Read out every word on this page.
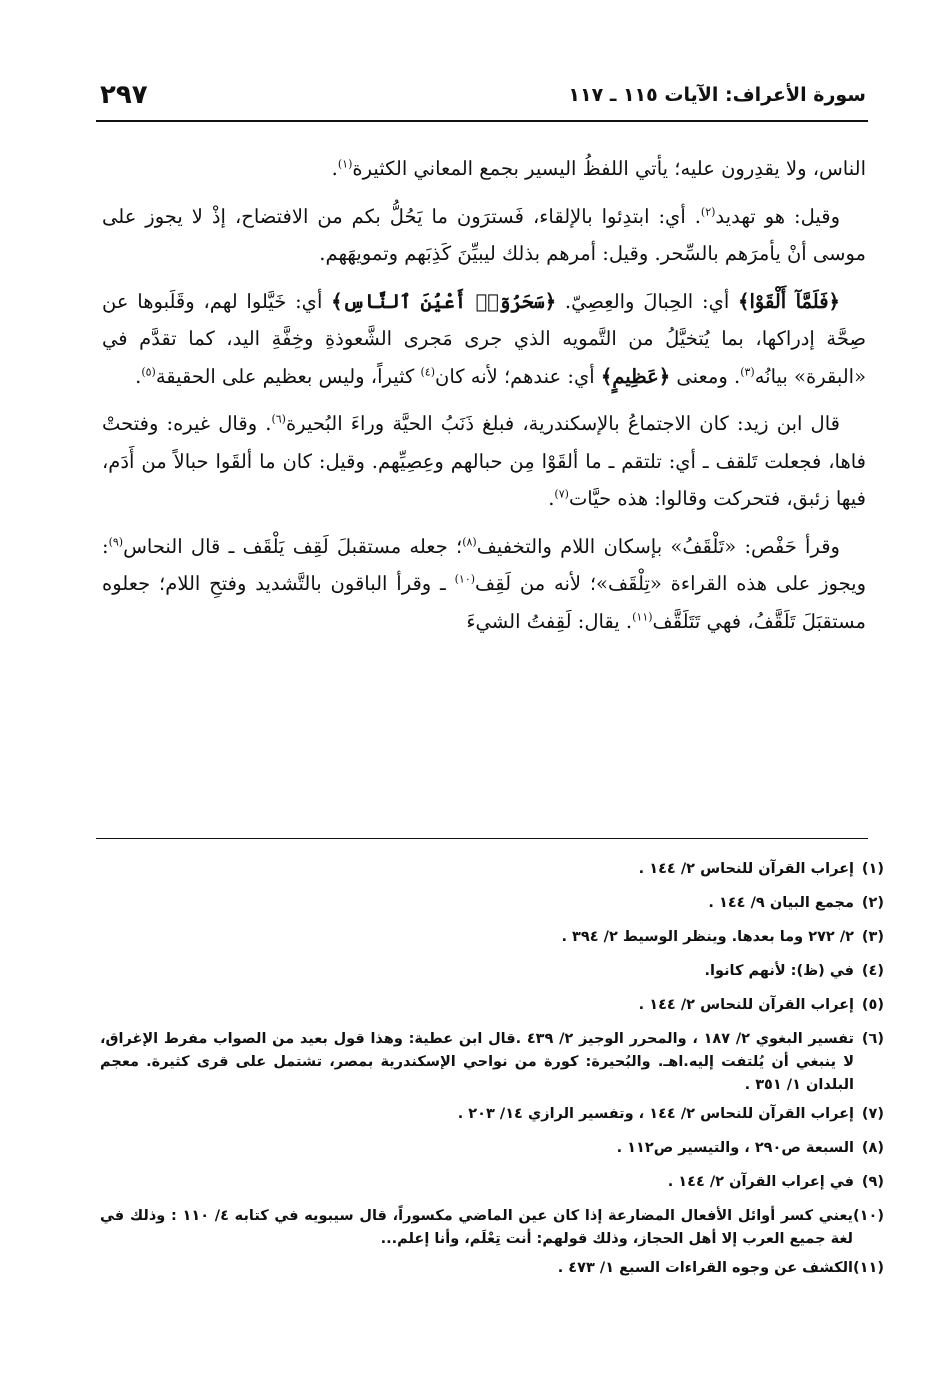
سورة الأعراف: الآيات ١١٥ ـ ١١٧
٢٩٧

الناس، ولا يقدِرون عليه؛ يأتي اللفظُ اليسير بجمع المعاني الكثيرة$^{(١)}$.

وقيل: هو تهديد$^{(٢)}$. أي: ابتدِئوا بالإلقاء، فَسترَون ما يَحُلُّ بكم من الافتضاح، إذْ لا يجوز على موسى أنْ يأمرَهم بالسِّحر. وقيل: أمرهم بذلك ليبيِّنَ كَذِبَهم وتمويهَهم.

﴿فَلَمَّآ أَلْقَوْا﴾ أي: الحِبالَ والعِصِيّ. ﴿سَحَرُوٓا۟ أَعْيُنَ ٱلنَّاسِ﴾ أي: خَيَّلوا لهم، وقَلَبوها عن صِحَّة إدراكها، بما يُتخيَّلُ من التَّمويه الذي جرى مَجرى الشَّعوذةِ وخِفَّةِ اليد، كما تقدَّم في «البقرة» بيانُه$^{(٣)}$. ومعنى ﴿عَظِيمٍ﴾ أي: عندهم؛ لأنه كان$^{(٤)}$ كثيراً، وليس بعظيم على الحقيقة$^{(٥)}$.

قال ابن زيد: كان الاجتماعُ بالإسكندرية، فبلغ ذَنَبُ الحيَّة وراءَ البُحيرة$^{(٦)}$. وقال غيره: وفتحتْ فاها، فجعلت تَلقف ـ أي: تلتقم ـ ما ألقَوْا مِن حبالهم وعِصِيِّهم. وقيل: كان ما ألقَوا حبالاً من أَدَم، فيها زئبق، فتحركت وقالوا: هذه حيَّات$^{(٧)}$.

وقرأ حَفْص: «تَلْقَفُ» بإسكان اللام والتخفيف$^{(٨)}$؛ جعله مستقبلَ لَقِف يَلْقَف ـ قال النحاس$^{(٩)}$: ويجوز على هذه القراءة «تِلْقَف»؛ لأنه من لَقِف$^{(١٠)}$ ـ وقرأ الباقون بالتَّشديد وفتحِ اللام؛ جعلوه مستقبَلَ تَلَقَّفُ، فهي تَتَلَقَّف$^{(١١)}$. يقال: لَقِفتُ الشيءَ

(١)
إعراب القرآن للنحاس ٢/ ١٤٤ .
(٢)
مجمع البيان ٩/ ١٤٤ .
(٣)
٢/ ٢٧٢ وما بعدها. وينظر الوسيط ٢/ ٣٩٤ .
(٤)
في (ظ): لأنهم كانوا.
(٥)
إعراب القرآن للنحاس ٢/ ١٤٤ .
(٦)
تفسير البغوي ٢/ ١٨٧ ، والمحرر الوجيز ٢/ ٤٣٩ .قال ابن عطية: وهذا قول بعيد من الصواب مفرط الإغراق، لا ينبغي أن يُلتفت إليه.اهـ. والبُحيرة: كورة من نواحي الإسكندرية بمصر، تشتمل على قرى كثيرة. معجم البلدان ١/ ٣٥١ .
(٧)
إعراب القرآن للنحاس ٢/ ١٤٤ ، وتفسير الرازي ١٤/ ٢٠٣ .
(٨)
السبعة ص٢٩٠ ، والتيسير ص١١٢ .
(٩)
في إعراب القرآن ٢/ ١٤٤ .
(١٠)
يعني كسر أوائل الأفعال المضارعة إذا كان عين الماضي مكسوراً، قال سيبويه في كتابه ٤/ ١١٠ : وذلك في لغة جميع العرب إلا أهل الحجاز، وذلك قولهم: أنت تِعْلَم، وأنا إعلم...
(١١)
الكشف عن وجوه القراءات السبع ١/ ٤٧٣ .
